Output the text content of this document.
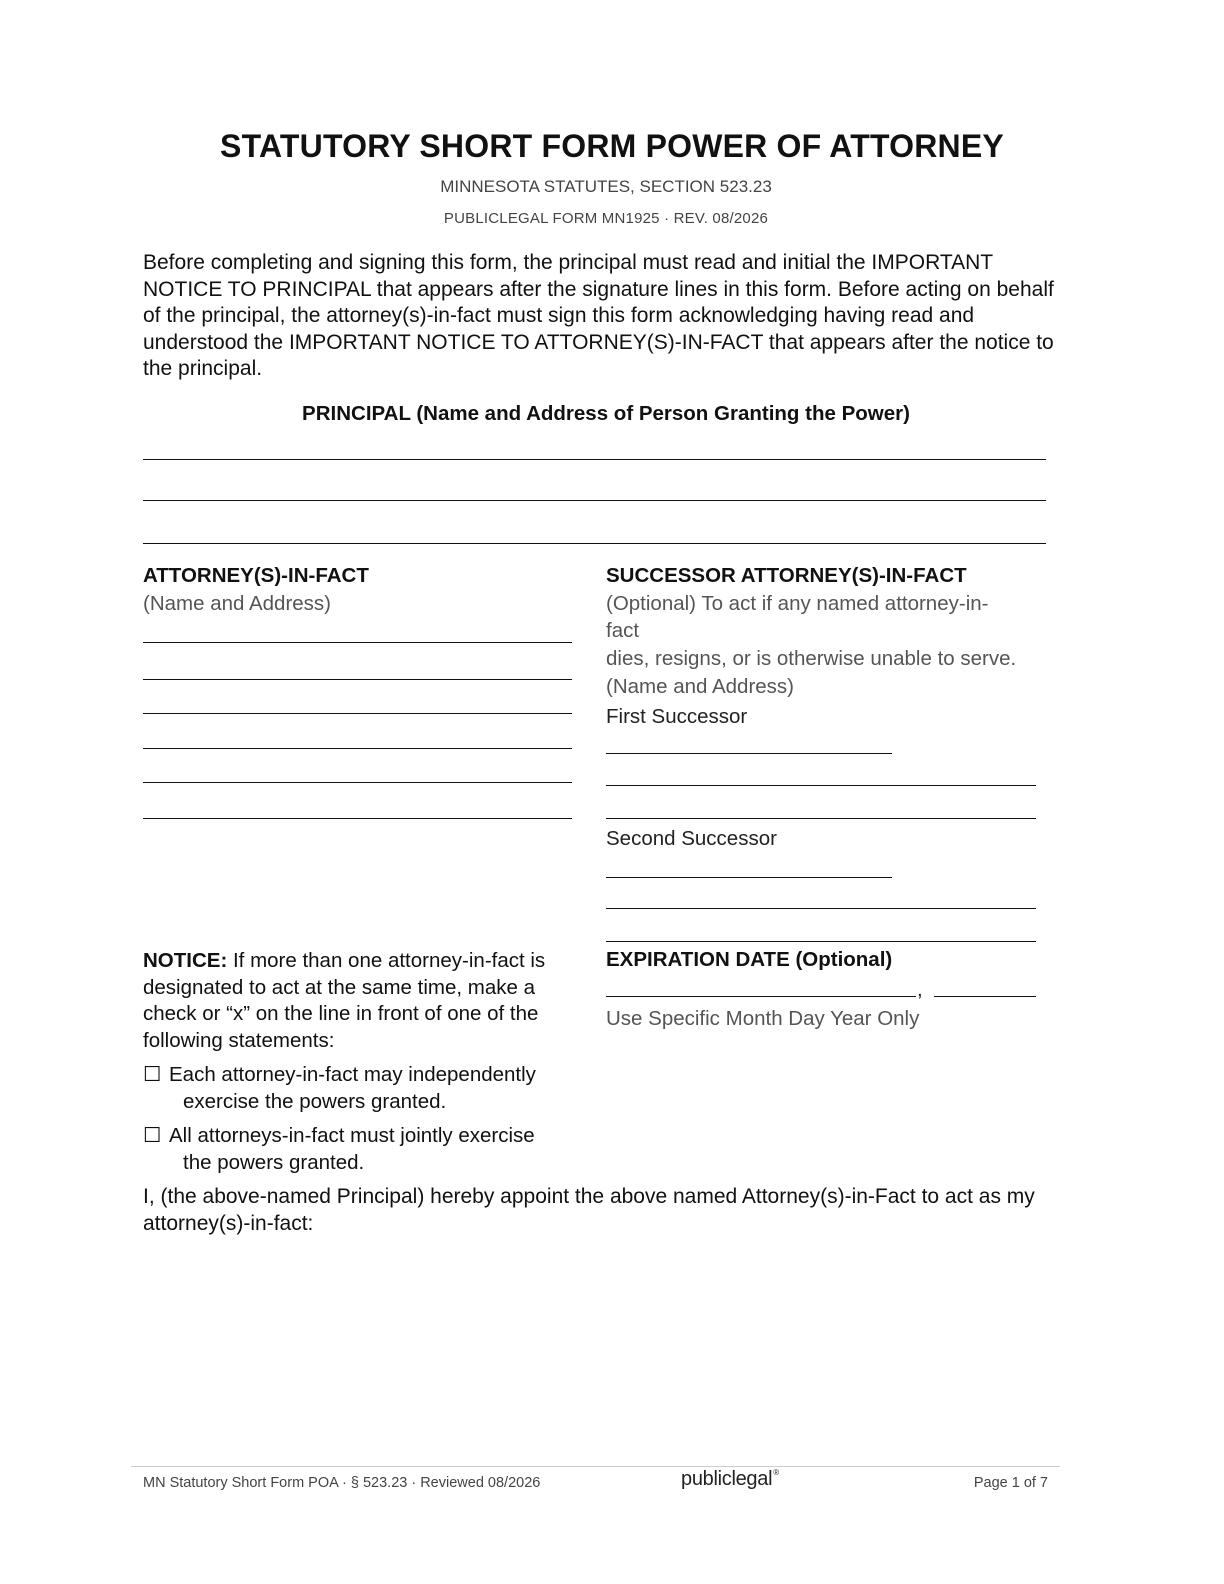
STATUTORY SHORT FORM POWER OF ATTORNEY
MINNESOTA STATUTES, SECTION 523.23
PUBLICLEGAL FORM MN1925 · REV. 08/2026

Before completing and signing this form, the principal must read and initial the IMPORTANT NOTICE TO PRINCIPAL that appears after the signature lines in this form. Before acting on behalf of the principal, the attorney(s)-in-fact must sign this form acknowledging having read and understood the IMPORTANT NOTICE TO ATTORNEY(S)-IN-FACT that appears after the notice to the principal.

PRINCIPAL (Name and Address of Person Granting the Power)
ATTORNEY(S)-IN-FACT
(Name and Address)
SUCCESSOR ATTORNEY(S)-IN-FACT
(Optional) To act if any named attorney-in-
fact
dies, resigns, or is otherwise unable to serve.
(Name and Address)
First Successor
Second Successor
NOTICE: If more than one attorney-in-fact is designated to act at the same time, make a check or “x” on the line in front of one of the following statements:
☐ Each attorney-in-fact may independently
exercise the powers granted.
☐ All attorneys-in-fact must jointly exercise
the powers granted.
EXPIRATION DATE (Optional)
,
Use Specific Month Day Year Only
I, (the above-named Principal) hereby appoint the above named Attorney(s)-in-Fact to act as my attorney(s)-in-fact:
MN Statutory Short Form POA · § 523.23 · Reviewed 08/2026	publiclegal®
Page 1 of 7
